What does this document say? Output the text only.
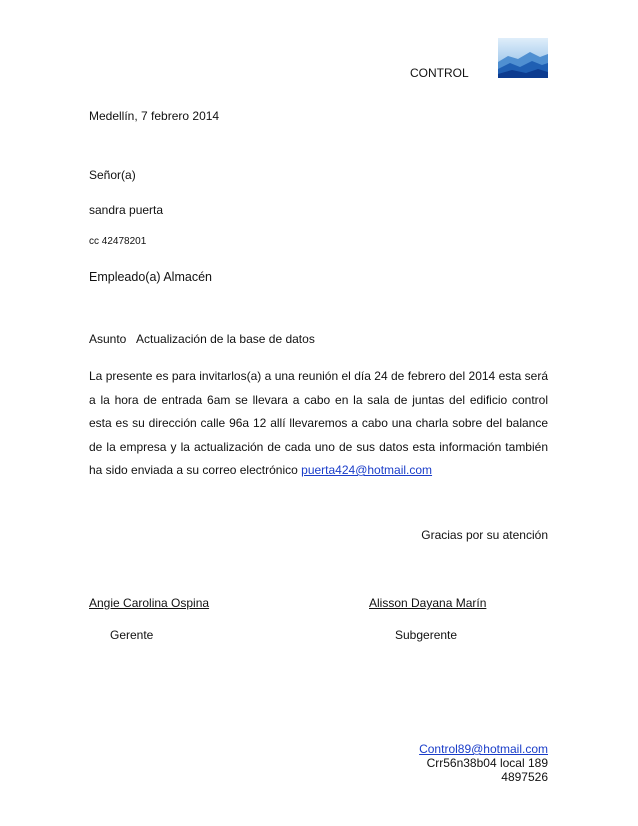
CONTROL
Medellín, 7 febrero 2014
Señor(a)
sandra puerta
cc 42478201
Empleado(a) Almacén
Asunto Actualización de la base de datos
La presente es para invitarlos(a) a una reunión el día 24 de febrero del 2014 esta será a la hora de entrada 6am se llevara a cabo en la sala de juntas del edificio control esta es su dirección calle 96a 12 allí llevaremos a cabo una charla sobre del balance de la empresa y la actualización de cada uno de sus datos esta información también ha sido enviada a su correo electrónico puerta424@hotmail.com
Gracias por su atención
Angie Carolina Ospina	Alisson Dayana Marín
Gerente	Subgerente
Control89@hotmail.com
Crr56n38b04 local 189
4897526
